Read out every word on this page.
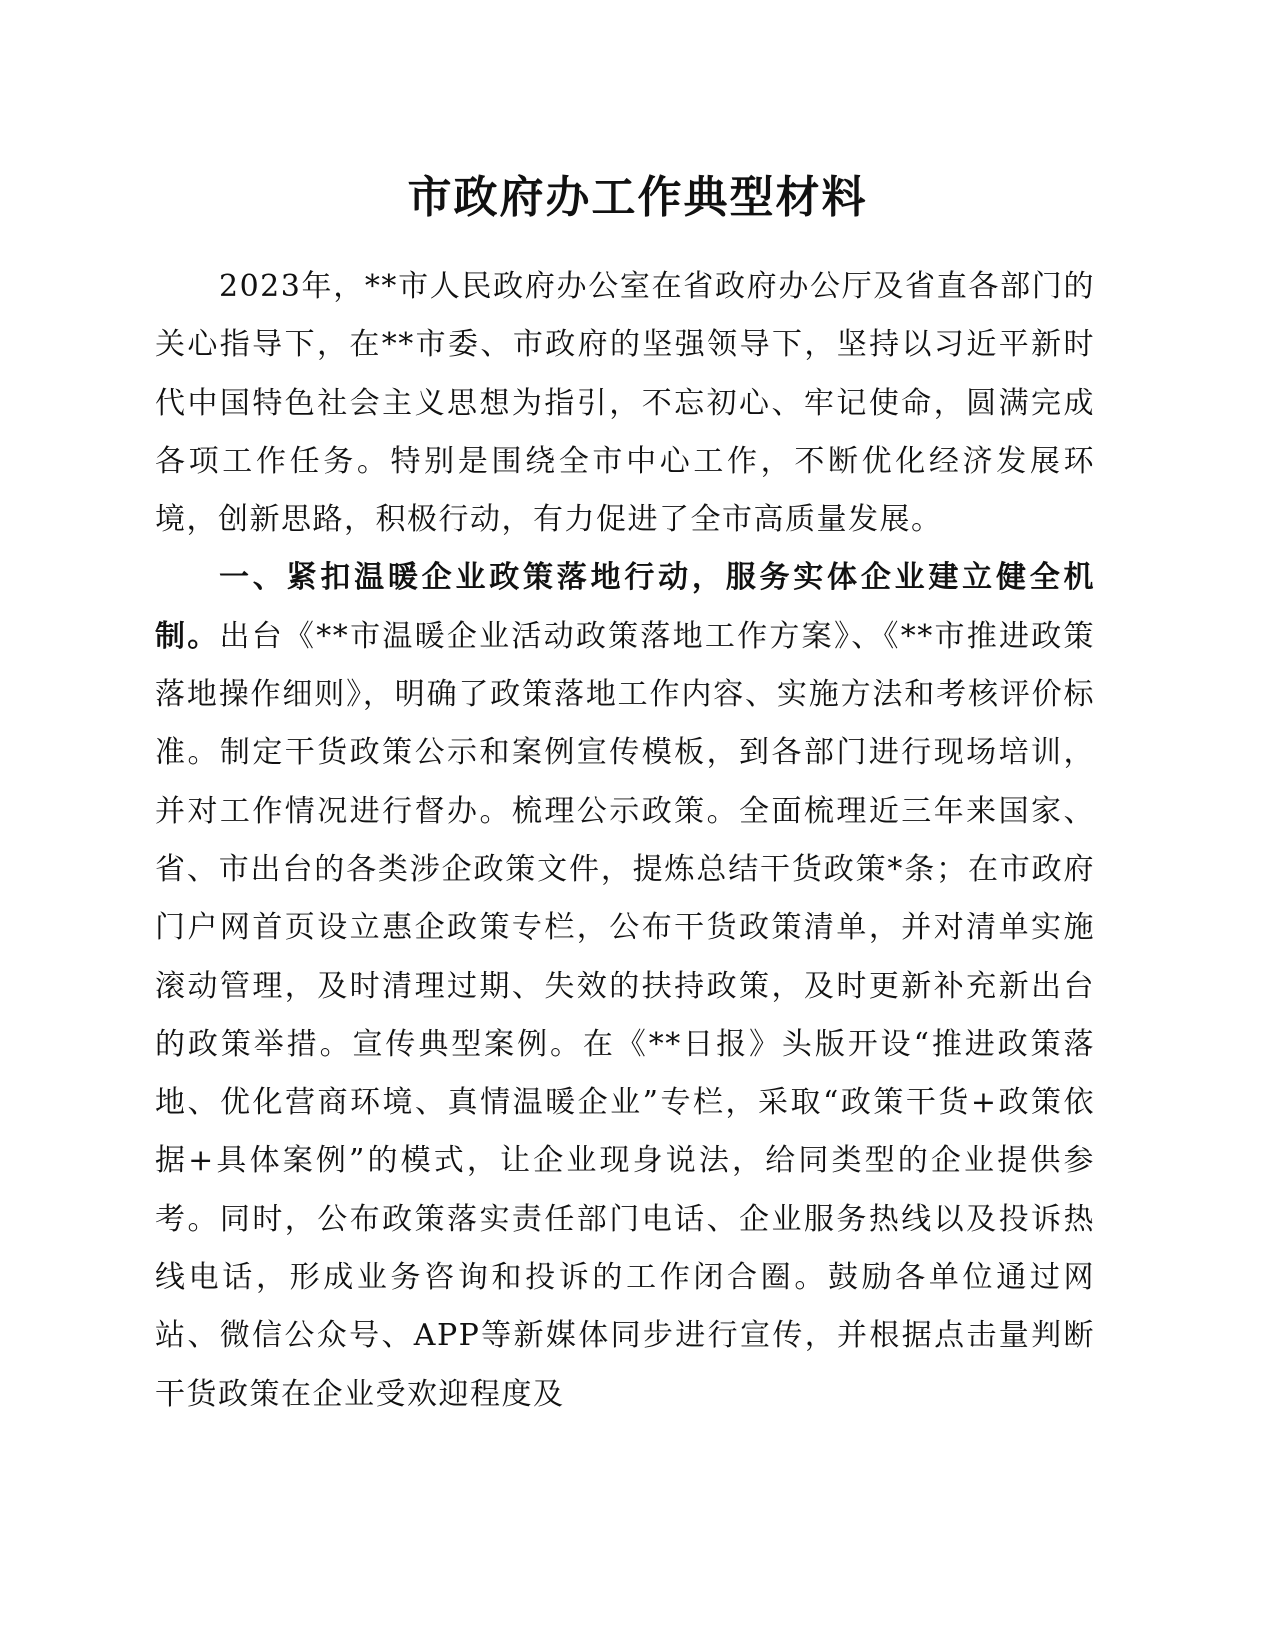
市政府办工作典型材料

2023年，**市人民政府办公室在省政府办公厅及省直各部门的关心指导下，在**市委、市政府的坚强领导下，坚持以习近平新时代中国特色社会主义思想为指引，不忘初心、牢记使命，圆满完成各项工作任务。特别是围绕全市中心工作，不断优化经济发展环境，创新思路，积极行动，有力促进了全市高质量发展。

一、紧扣温暖企业政策落地行动，服务实体企业建立健全机制。出台《**市温暖企业活动政策落地工作方案》、《**市推进政策落地操作细则》，明确了政策落地工作内容、实施方法和考核评价标准。制定干货政策公示和案例宣传模板，到各部门进行现场培训，并对工作情况进行督办。梳理公示政策。全面梳理近三年来国家、省、市出台的各类涉企政策文件，提炼总结干货政策*条；在市政府门户网首页设立惠企政策专栏，公布干货政策清单，并对清单实施滚动管理，及时清理过期、失效的扶持政策，及时更新补充新出台的政策举措。宣传典型案例。在《**日报》头版开设“推进政策落地、优化营商环境、真情温暖企业”专栏，采取“政策干货+政策依据+具体案例”的模式，让企业现身说法，给同类型的企业提供参考。同时，公布政策落实责任部门电话、企业服务热线以及投诉热线电话，形成业务咨询和投诉的工作闭合圈。鼓励各单位通过网站、微信公众号、APP等新媒体同步进行宣传，并根据点击量判断干货政策在企业受欢迎程度及
